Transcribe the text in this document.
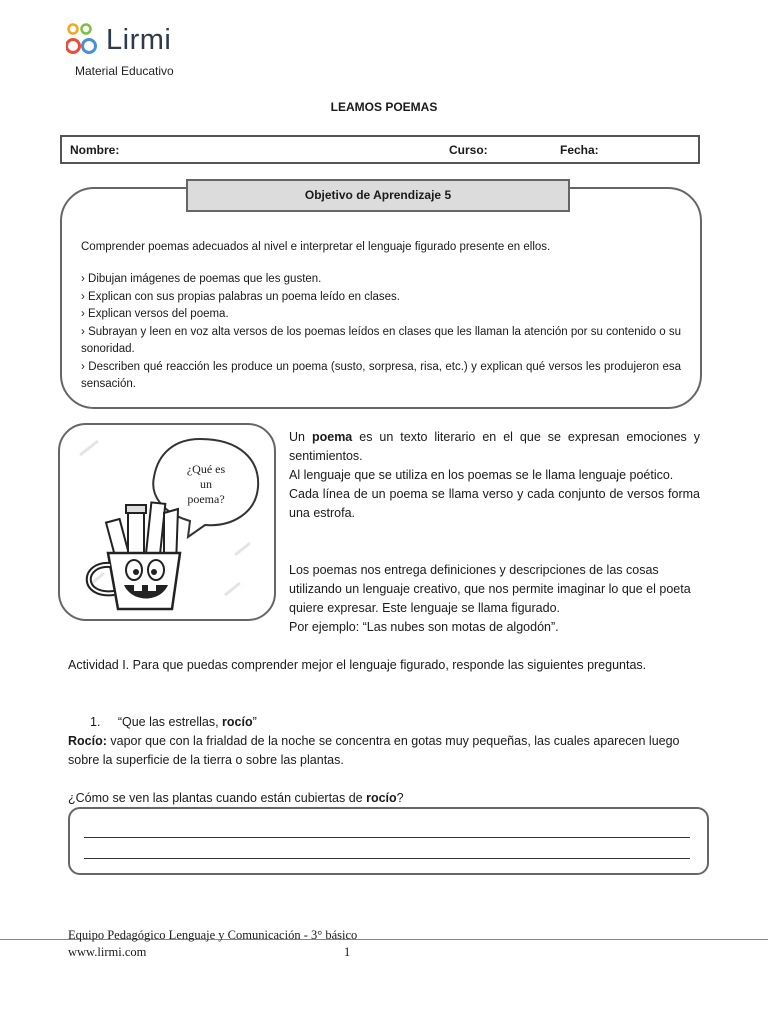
Lirmi
Material Educativo
LEAMOS POEMAS
Nombre:	Curso:	Fecha:
Objetivo de Aprendizaje 5
Comprender poemas adecuados al nivel e interpretar el lenguaje figurado presente en ellos.
› Dibujan imágenes de poemas que les gusten.
› Explican con sus propias palabras un poema leído en clases.
› Explican versos del poema.
› Subrayan y leen en voz alta versos de los poemas leídos en clases que les llaman la atención por su contenido o su sonoridad.
› Describen qué reacción les produce un poema (susto, sorpresa, risa, etc.) y explican qué versos les produjeron esa sensación.
¿Qué es
un
poema?
Un poema es un texto literario en el que se expresan emociones y sentimientos.
Al lenguaje que se utiliza en los poemas se le llama lenguaje poético.
Cada línea de un poema se llama verso y cada conjunto de versos forma una estrofa.
Los poemas nos entrega definiciones y descripciones de las cosas utilizando un lenguaje creativo, que nos permite imaginar lo que el poeta quiere expresar. Este lenguaje se llama figurado.
Por ejemplo: “Las nubes son motas de algodón”.
Actividad I. Para que puedas comprender mejor el lenguaje figurado, responde las siguientes preguntas.
1. “Que las estrellas, rocío”
Rocío: vapor que con la frialdad de la noche se concentra en gotas muy pequeñas, las cuales aparecen luego sobre la superficie de la tierra o sobre las plantas.
¿Cómo se ven las plantas cuando están cubiertas de rocío?
Equipo Pedagógico Lenguaje y Comunicación - 3° básico
www.lirmi.com	1
